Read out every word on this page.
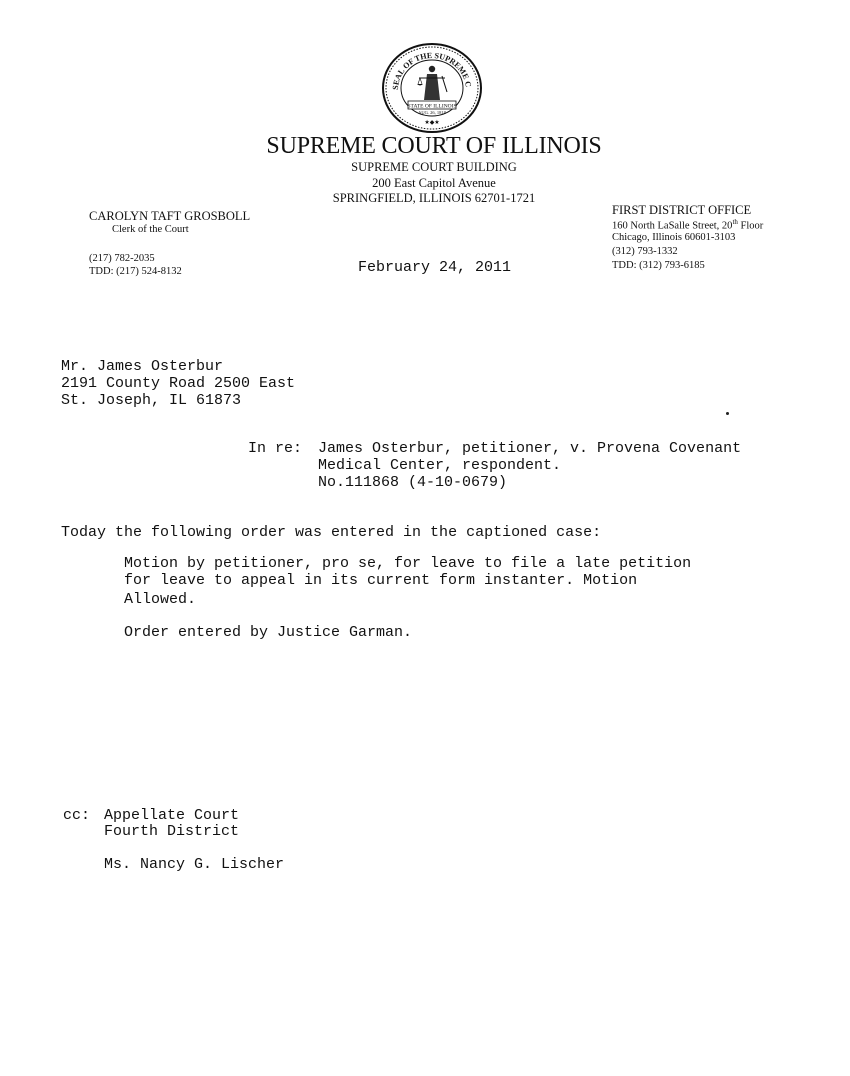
SEAL OF THE SUPREME C
STATE OF ILLINOIS
AUG. 26, 1818
★◆★
SUPREME COURT OF ILLINOIS
SUPREME COURT BUILDING
200 East Capitol Avenue
SPRINGFIELD, ILLINOIS 62701-1721
CAROLYN TAFT GROSBOLL
Clerk of the Court
(217) 782-2035
TDD: (217) 524-8132	February 24, 2011
FIRST DISTRICT OFFICE
160 North LaSalle Street, 20th Floor
Chicago, Illinois 60601-3103
(312) 793-1332
TDD: (312) 793-6185
Mr. James Osterbur
2191 County Road 2500 East
St. Joseph, IL 61873
In re: James Osterbur, petitioner, v. Provena Covenant
Medical Center, respondent.
No.111868 (4-10-0679)
Today the following order was entered in the captioned case:
Motion by petitioner, pro se, for leave to file a late petition
for leave to appeal in its current form instanter. Motion
Allowed.
Order entered by Justice Garman.
cc: Appellate Court
Fourth District
Ms. Nancy G. Lischer
